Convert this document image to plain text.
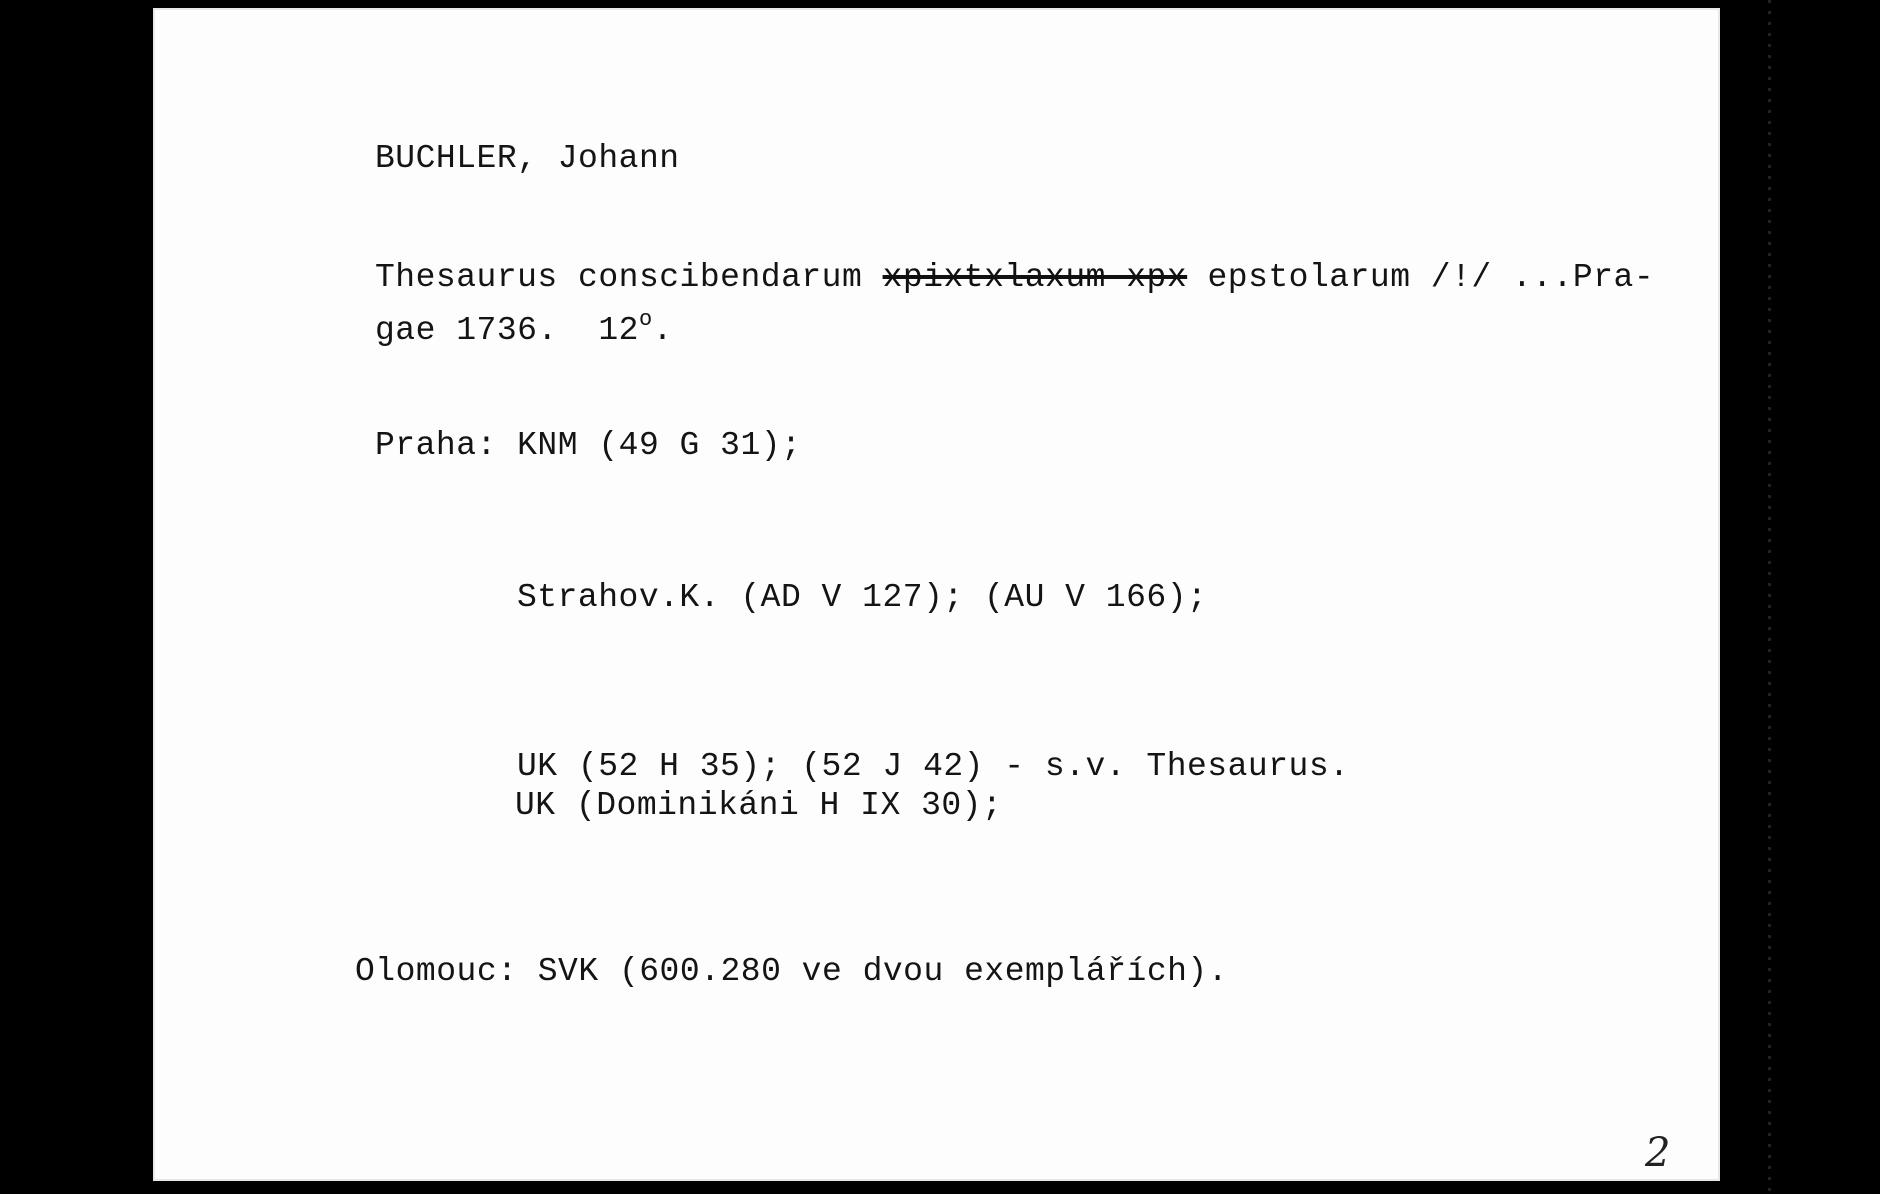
BUCHLER, Johann
Thesaurus conscibendarum xpixtxlaxum xpx epstolarum /!/ ...Pra-
gae 1736.  12$^o$.
Praha: KNM (49 G 31);
Strahov.K. (AD V 127); (AU V 166);
UK (52 H 35); (52 J 42) - s.v. Thesaurus.
UK (Dominikáni H IX 30);
Olomouc: SVK (600.280 ve dvou exemplářích).
2
